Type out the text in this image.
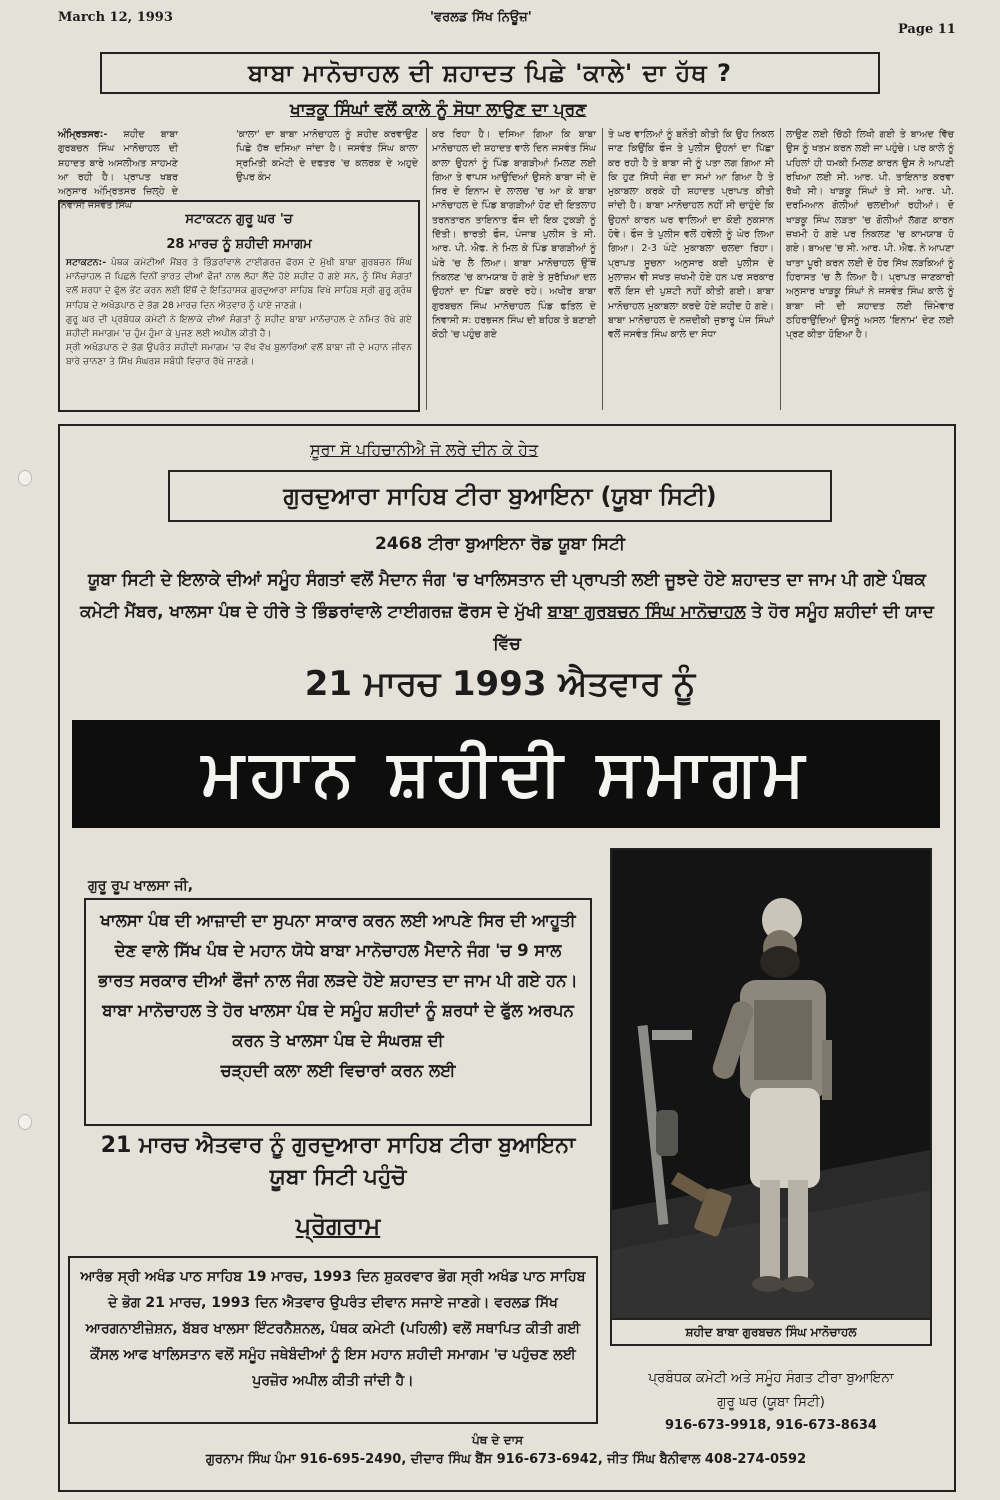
March 12, 1993	'ਵਰਲਡ ਸਿੱਖ ਨਿਊਜ਼'
Page 11
ਬਾਬਾ ਮਾਨੋਚਾਹਲ ਦੀ ਸ਼ਹਾਦਤ ਪਿਛੇ 'ਕਾਲੇ' ਦਾ ਹੱਥ ?
ਖਾੜਕੂ ਸਿੰਘਾਂ ਵਲੋਂ ਕਾਲੇ ਨੂੰ ਸੋਧਾ ਲਾਉਣ ਦਾ ਪ੍ਰਣ

ਅੰਮ੍ਰਿਤਸਰ:- ਸ਼ਹੀਦ ਬਾਬਾ ਗੁਰਬਚਨ ਸਿੰਘ ਮਾਨੋਚਾਹਲ ਦੀ ਸ਼ਹਾਦਤ ਬਾਰੇ ਅਸਲੀਅਤ ਸਾਹਮਣੇ ਆ ਰਹੀ ਹੈ। ਪ੍ਰਾਪਤ ਖਬਰ ਅਨੁਸਾਰ ਅੰਮ੍ਰਿਤਸਰ ਜ਼ਿਲ੍ਹੇ ਦੇ ਨਿਵਾਸੀ ਜਸਵੰਤ ਸਿੰਘ

'ਕਾਲਾ' ਦਾ ਬਾਬਾ ਮਾਨੋਚਾਹਲ ਨੂੰ ਸ਼ਹੀਦ ਕਰਵਾਉਣ ਪਿਛੇ ਹੱਥ ਦਸਿਆ ਜਾਂਦਾ ਹੈ। ਜਸਵੰਤ ਸਿੰਘ ਕਾਲਾ ਸ੍ਰਮਿਤੀ ਕਮੇਟੀ ਦੇ ਦਫਤਰ 'ਚ ਕਲਰਕ ਦੇ ਅਹੁਦੇ ਉਪਰ ਕੰਮ

ਕਰ ਰਿਹਾ ਹੈ। ਦਸਿਆ ਗਿਆ ਕਿ ਬਾਬਾ ਮਾਨੋਚਾਹਲ ਦੀ ਸ਼ਹਾਦਤ ਵਾਲੇ ਦਿਨ ਜਸਵੰਤ ਸਿੰਘ ਕਾਲਾ ਉਹਨਾਂ ਨੂੰ ਪਿੰਡ ਬਾਗੜੀਆਂ ਮਿਲਣ ਲਈ ਗਿਆ ਤੇ ਵਾਪਸ ਆਉਦਿਆਂ ਉਸਨੇ ਬਾਬਾ ਜੀ ਦੇ ਸਿਰ ਦੇ ਇਨਾਮ ਦੇ ਲਾਲਚ 'ਚ ਆ ਕੇ ਬਾਬਾ ਮਾਨੋਚਾਹਲ ਦੇ ਪਿੰਡ ਬਾਗੜੀਆਂ ਹੋਣ ਦੀ ਇਤਲਾਹ ਤਰਨਤਾਰਨ ਤਾਇਨਾਤ ਫੌਜ ਦੀ ਇਕ ਟੁਕੜੀ ਨੂੰ ਦਿੱਤੀ। ਭਾਰਤੀ ਫੌਜ, ਪੰਜਾਬ ਪੁਲੀਸ ਤੇ ਸੀ. ਆਰ. ਪੀ. ਐਫ. ਨੇ ਮਿਲ ਕੇ ਪਿੰਡ ਬਾਗੜੀਆਂ ਨੂੰ ਘੇਰੇ 'ਚ ਲੈ ਲਿਆ। ਬਾਬਾ ਮਾਨੋਚਾਹਲ ਉੱਥੋਂ ਨਿਕਲਣ 'ਚ ਕਾਮਯਾਬ ਹੋ ਗਏ ਤੇ ਸੁਰੱਖਿਆ ਦਲ ਉਹਨਾਂ ਦਾ ਪਿੱਛਾ ਕਰਦੇ ਰਹੇ। ਅਖੀਰ ਬਾਬਾ ਗੁਰਬਚਨ ਸਿੰਘ ਮਾਨੋਚਾਹਲ ਪਿੰਡ ਫਤਿਲ ਦੇ ਨਿਵਾਸੀ ਸ: ਹਰਭਜਨ ਸਿੰਘ ਦੀ ਬਹਿਕ ਤੇ ਬਣਾਈ ਕੋਠੀ 'ਚ ਪਹੁੰਚ ਗਏ

ਤੇ ਘਰ ਵਾਲਿਆਂ ਨੂੰ ਬਨੌਤੀ ਕੀਤੀ ਕਿ ਉਹ ਨਿਕਲ ਜਾਣ ਕਿਉਂਕਿ ਫੌਜ ਤੇ ਪੁਲੀਸ ਉਹਨਾਂ ਦਾ ਪਿੱਛਾ ਕਰ ਰਹੀ ਹੈ ਤੇ ਬਾਬਾ ਜੀ ਨੂੰ ਪਤਾ ਲਗ ਗਿਆ ਸੀ ਕਿ ਹੁਣ ਸਿੱਧੀ ਜੰਗ ਦਾ ਸਮਾਂ ਆ ਗਿਆ ਹੈ ਤੇ ਮੁਕਾਬਲਾ ਕਰਕੇ ਹੀ ਸ਼ਹਾਦਤ ਪ੍ਰਾਪਤ ਕੀਤੀ ਜਾਂਦੀ ਹੈ। ਬਾਬਾ ਮਾਨੋਚਾਹਲ ਨਹੀਂ ਸੀ ਚਾਹੁੰਦੇ ਕਿ ਉਹਨਾਂ ਕਾਰਨ ਘਰ ਵਾਲਿਆਂ ਦਾ ਕੋਈ ਨੁਕਸਾਨ ਹੋਵੇ। ਫੌਜ ਤੇ ਪੁਲੀਸ ਵਲੋਂ ਹਵੇਲੀ ਨੂੰ ਘੇਰ ਲਿਆ ਗਿਆ। 2-3 ਘੰਟੇ ਮੁਕਾਬਲਾ ਚਲਦਾ ਰਿਹਾ। ਪ੍ਰਾਪਤ ਸੂਚਨਾ ਅਨੁਸਾਰ ਕਈ ਪੁਲੀਸ ਦੇ ਮੁਲਾਜ਼ਮ ਵੀ ਸਖਤ ਜ਼ਖਮੀ ਹੋਏ ਹਨ ਪਰ ਸਰਕਾਰ ਵਲੋਂ ਇਸ ਦੀ ਪੁਸ਼ਟੀ ਨਹੀਂ ਕੀਤੀ ਗਈ। ਬਾਬਾ ਮਾਨੋਚਾਹਲ ਮੁਕਾਬਲਾ ਕਰਦੇ ਹੋਏ ਸ਼ਹੀਦ ਹੋ ਗਏ। ਬਾਬਾ ਮਾਨੋਚਾਹਲ ਦੇ ਨਜ਼ਦੀਕੀ ਜੁਝਾਰੂ ਪੰਜ ਸਿੰਘਾਂ ਵਲੋਂ ਜਸਵੰਤ ਸਿੰਘ ਕਾਲੇ ਦਾ ਸੋਧਾ

ਲਾਉਣ ਲਈ ਚਿੱਠੀ ਲਿਖੀ ਗਈ ਤੇ ਬਾਅਦ ਵਿੱਚ ਉਸ ਨੂੰ ਖਤਮ ਕਰਨ ਲਈ ਜਾ ਪਹੁੰਚੇ। ਪਰ ਕਾਲੇ ਨੂੰ ਪਹਿਲਾਂ ਹੀ ਧਮਕੀ ਮਿਲਣ ਕਾਰਨ ਉਸ ਨੇ ਆਪਣੀ ਰਖਿਆ ਲਈ ਸੀ. ਆਰ. ਪੀ. ਤਾਇਨਾਤ ਕਰਵਾ ਰੱਖੀ ਸੀ। ਖਾੜਕੂ ਸਿੰਘਾਂ ਤੇ ਸੀ. ਆਰ. ਪੀ. ਦਰਮਿਆਨ ਗੋਲੀਆਂ ਚਲਦੀਆਂ ਰਹੀਆਂ। ਦੋ ਖਾੜਕੂ ਸਿੰਘ ਲੜਤਾ 'ਚ ਗੋਲੀਆਂ ਲੱਗਣ ਕਾਰਨ ਜ਼ਖਮੀ ਹੋ ਗਏ ਪਰ ਨਿਕਲਣ 'ਚ ਕਾਮਯਾਬ ਹੋ ਗਏ। ਬਾਅਦ 'ਚ ਸੀ. ਆਰ. ਪੀ. ਐਫ. ਨੇ ਆਪਣਾ ਖਾਤਾ ਪੂਰੀ ਕਰਨ ਲਈ ਦੋ ਹੋਰ ਸਿੱਖ ਲੜਕਿਆਂ ਨੂੰ ਹਿਰਾਸਤ 'ਚ ਲੈ ਲਿਆ ਹੈ। ਪ੍ਰਾਪਤ ਜਾਣਕਾਰੀ ਅਨੁਸਾਰ ਖਾੜਕੂ ਸਿੰਘਾਂ ਨੇ ਜਸਵੰਤ ਸਿੰਘ ਕਾਲੇ ਨੂੰ ਬਾਬਾ ਜੀ ਦੀ ਸ਼ਹਾਦਤ ਲਈ ਜ਼ਿੰਮੇਵਾਰ ਠਹਿਰਾਉਂਦਿਆਂ ਉਸਨੂੰ ਅਸਲ 'ਇਨਾਮ' ਦੇਣ ਲਈ ਪ੍ਰਣ ਕੀਤਾ ਹੋਇਆ ਹੈ।

ਸਟਾਕਟਨ ਗੁਰੂ ਘਰ 'ਚ
28 ਮਾਰਚ ਨੂੰ ਸ਼ਹੀਦੀ ਸਮਾਗਮ

ਸਟਾਕਟਨ:- ਪੰਥਕ ਕਮੇਟੀਆਂ ਮੈਂਬਰ ਤੇ ਭਿੰਡਰਾਂਵਾਲੇ ਟਾਈਗਰਜ਼ ਫੋਰਸ ਦੇ ਮੁੱਖੀ ਬਾਬਾ ਗੁਰਬਚਨ ਸਿੰਘ ਮਾਨੋਚਾਹਲ ਜੋ ਪਿਛਲੇ ਦਿਨੀਂ ਭਾਰਤ ਦੀਆਂ ਫੌਜਾਂ ਨਾਲ ਲੋਹਾ ਲੈਂਦੇ ਹੋਏ ਸ਼ਹੀਦ ਹੋ ਗਏ ਸਨ, ਨੂੰ ਸਿੱਖ ਸੰਗਤਾਂ ਵਲੋਂ ਸ਼ਰਧਾ ਦੇ ਫੁੱਲ ਭੇਂਟ ਕਰਨ ਲਈ ਇੱਥੋਂ ਦੇ ਇਤਿਹਾਸਕ ਗੁਰਦੁਆਰਾ ਸਾਹਿਬ ਵਿਖੇ ਸਾਹਿਬ ਸ੍ਰੀ ਗੁਰੂ ਗ੍ਰੰਥ ਸਾਹਿਬ ਦੇ ਅਖੰਡਪਾਠ ਦੇ ਭੋਗ 28 ਮਾਰਚ ਦਿਨ ਐਤਵਾਰ ਨੂੰ ਪਾਏ ਜਾਣਗੇ।

ਗੁਰੂ ਘਰ ਦੀ ਪ੍ਰਬੰਧਕ ਕਮੇਟੀ ਨੇ ਇਲਾਕੇ ਦੀਆਂ ਸੰਗਤਾਂ ਨੂੰ ਸ਼ਹੀਦ ਬਾਬਾ ਮਾਨੋਚਾਹਲ ਦੇ ਨਮਿਤ ਰੱਖੇ ਗਏ ਸ਼ਹੀਦੀ ਸਮਾਗਮ 'ਚ ਹੁੰਮ ਹੁੰਮਾ ਕੇ ਪੁਜਣ ਲਈ ਅਪੀਲ ਕੀਤੀ ਹੈ।

ਸ੍ਰੀ ਅਖੰਡਪਾਠ ਦੇ ਭੋਗ ਉਪਰੰਤ ਸ਼ਹੀਦੀ ਸਮਾਗਮ 'ਚ ਵੱਖ ਵੱਖ ਬੁਲਾਰਿਆਂ ਵਲੋਂ ਬਾਬਾ ਜੀ ਦੇ ਮਹਾਨ ਜੀਵਨ ਬਾਰੇ ਚਾਨਣਾ ਤੇ ਸਿੱਖ ਸੰਘਰਸ਼ ਸਬੰਧੀ ਵਿਚਾਰ ਰੱਖੇ ਜਾਣਗੇ।

ਸੂਰਾ ਸੋ ਪਹਿਚਾਨੀਐ ਜੋ ਲਰੇ ਦੀਨ ਕੇ ਹੇਤ
ਗੁਰਦੁਆਰਾ ਸਾਹਿਬ ਟੀਰਾ ਬੁਆਇਨਾ (ਯੂਬਾ ਸਿਟੀ)
2468 ਟੀਰਾ ਬੁਆਇਨਾ ਰੋਡ ਯੂਬਾ ਸਿਟੀ
ਯੂਬਾ ਸਿਟੀ ਦੇ ਇਲਾਕੇ ਦੀਆਂ ਸਮੂੰਹ ਸੰਗਤਾਂ ਵਲੋਂ ਮੈਦਾਨ ਜੰਗ 'ਚ ਖਾਲਿਸਤਾਨ ਦੀ ਪ੍ਰਾਪਤੀ ਲਈ ਜੂਝਦੇ ਹੋਏ ਸ਼ਹਾਦਤ ਦਾ ਜਾਮ ਪੀ ਗਏ ਪੰਥਕ ਕਮੇਟੀ ਮੈਂਬਰ, ਖਾਲਸਾ ਪੰਥ ਦੇ ਹੀਰੇ ਤੇ ਭਿੰਡਰਾਂਵਾਲੇ ਟਾਈਗਰਜ਼ ਫੋਰਸ ਦੇ ਮੁੱਖੀ ਬਾਬਾ ਗੁਰਬਚਨ ਸਿੰਘ ਮਾਨੋਚਾਹਲ ਤੇ ਹੋਰ ਸਮੂੰਹ ਸ਼ਹੀਦਾਂ ਦੀ ਯਾਦ ਵਿੱਚ
21 ਮਾਰਚ 1993 ਐਤਵਾਰ ਨੂੰ
ਮਹਾਨ ਸ਼ਹੀਦੀ ਸਮਾਗਮ
ਗੁਰੂ ਰੂਪ ਖਾਲਸਾ ਜੀ,
ਖਾਲਸਾ ਪੰਥ ਦੀ ਆਜ਼ਾਦੀ ਦਾ ਸੁਪਨਾ ਸਾਕਾਰ ਕਰਨ ਲਈ ਆਪਣੇ ਸਿਰ ਦੀ ਆਹੂਤੀ ਦੇਣ ਵਾਲੇ ਸਿੱਖ ਪੰਥ ਦੇ ਮਹਾਨ ਯੋਧੇ ਬਾਬਾ ਮਾਨੋਚਾਹਲ ਮੈਦਾਨੇ ਜੰਗ 'ਚ 9 ਸਾਲ ਭਾਰਤ ਸਰਕਾਰ ਦੀਆਂ ਫੌਜਾਂ ਨਾਲ ਜੰਗ ਲੜਦੇ ਹੋਏ ਸ਼ਹਾਦਤ ਦਾ ਜਾਮ ਪੀ ਗਏ ਹਨ। ਬਾਬਾ ਮਾਨੋਚਾਹਲ ਤੇ ਹੋਰ ਖਾਲਸਾ ਪੰਥ ਦੇ ਸਮੂੰਹ ਸ਼ਹੀਦਾਂ ਨੂੰ ਸ਼ਰਧਾਂ ਦੇ ਫੁੱਲ ਅਰਪਨ ਕਰਨ ਤੇ ਖਾਲਸਾ ਪੰਥ ਦੇ ਸੰਘਰਸ਼ ਦੀ
ਚੜ੍ਹਦੀ ਕਲਾ ਲਈ ਵਿਚਾਰਾਂ ਕਰਨ ਲਈ
21 ਮਾਰਚ ਐਤਵਾਰ ਨੂੰ ਗੁਰਦੁਆਰਾ ਸਾਹਿਬ ਟੀਰਾ ਬੁਆਇਨਾ ਯੂਬਾ ਸਿਟੀ ਪਹੁੰਚੋ
ਪ੍ਰੋਗਰਾਮ
ਆਰੰਭ ਸ੍ਰੀ ਅਖੰਡ ਪਾਠ ਸਾਹਿਬ 19 ਮਾਰਚ, 1993 ਦਿਨ ਸ਼ੁਕਰਵਾਰ ਭੋਗ ਸ੍ਰੀ ਅਖੰਡ ਪਾਠ ਸਾਹਿਬ ਦੇ ਭੋਗ 21 ਮਾਰਚ, 1993 ਦਿਨ ਐਤਵਾਰ ਉਪਰੰਤ ਦੀਵਾਨ ਸਜਾਏ ਜਾਣਗੇ। ਵਰਲਡ ਸਿੱਖ ਆਰਗਨਾਈਜ਼ੇਸ਼ਨ, ਬੱਬਰ ਖਾਲਸਾ ਇੰਟਰਨੈਸ਼ਨਲ, ਪੰਥਕ ਕਮੇਟੀ (ਪਹਿਲੀ) ਵਲੋਂ ਸਥਾਪਿਤ ਕੀਤੀ ਗਈ ਕੌਂਸਲ ਆਫ ਖਾਲਿਸਤਾਨ ਵਲੋਂ ਸਮੂੰਹ ਜਥੇਬੰਦੀਆਂ ਨੂੰ ਇਸ ਮਹਾਨ ਸ਼ਹੀਦੀ ਸਮਾਗਮ 'ਚ ਪਹੁੰਚਣ ਲਈ ਪੁਰਜ਼ੋਰ ਅਪੀਲ ਕੀਤੀ ਜਾਂਦੀ ਹੈ।
ਪੰਥ ਦੇ ਦਾਸ
ਸ਼ਹੀਦ ਬਾਬਾ ਗੁਰਬਚਨ ਸਿੰਘ ਮਾਨੋਚਾਹਲ
ਪ੍ਰਬੰਧਕ ਕਮੇਟੀ ਅਤੇ ਸਮੂੰਹ ਸੰਗਤ ਟੀਰਾ ਬੁਆਇਨਾ
ਗੁਰੂ ਘਰ (ਯੂਬਾ ਸਿਟੀ)
916-673-9918, 916-673-8634
ਗੁਰਨਾਮ ਸਿੰਘ ਪੰਮਾ 916-695-2490, ਦੀਦਾਰ ਸਿੰਘ ਬੈਂਸ 916-673-6942, ਜੀਤ ਸਿੰਘ ਬੈਨੀਵਾਲ 408-274-0592
